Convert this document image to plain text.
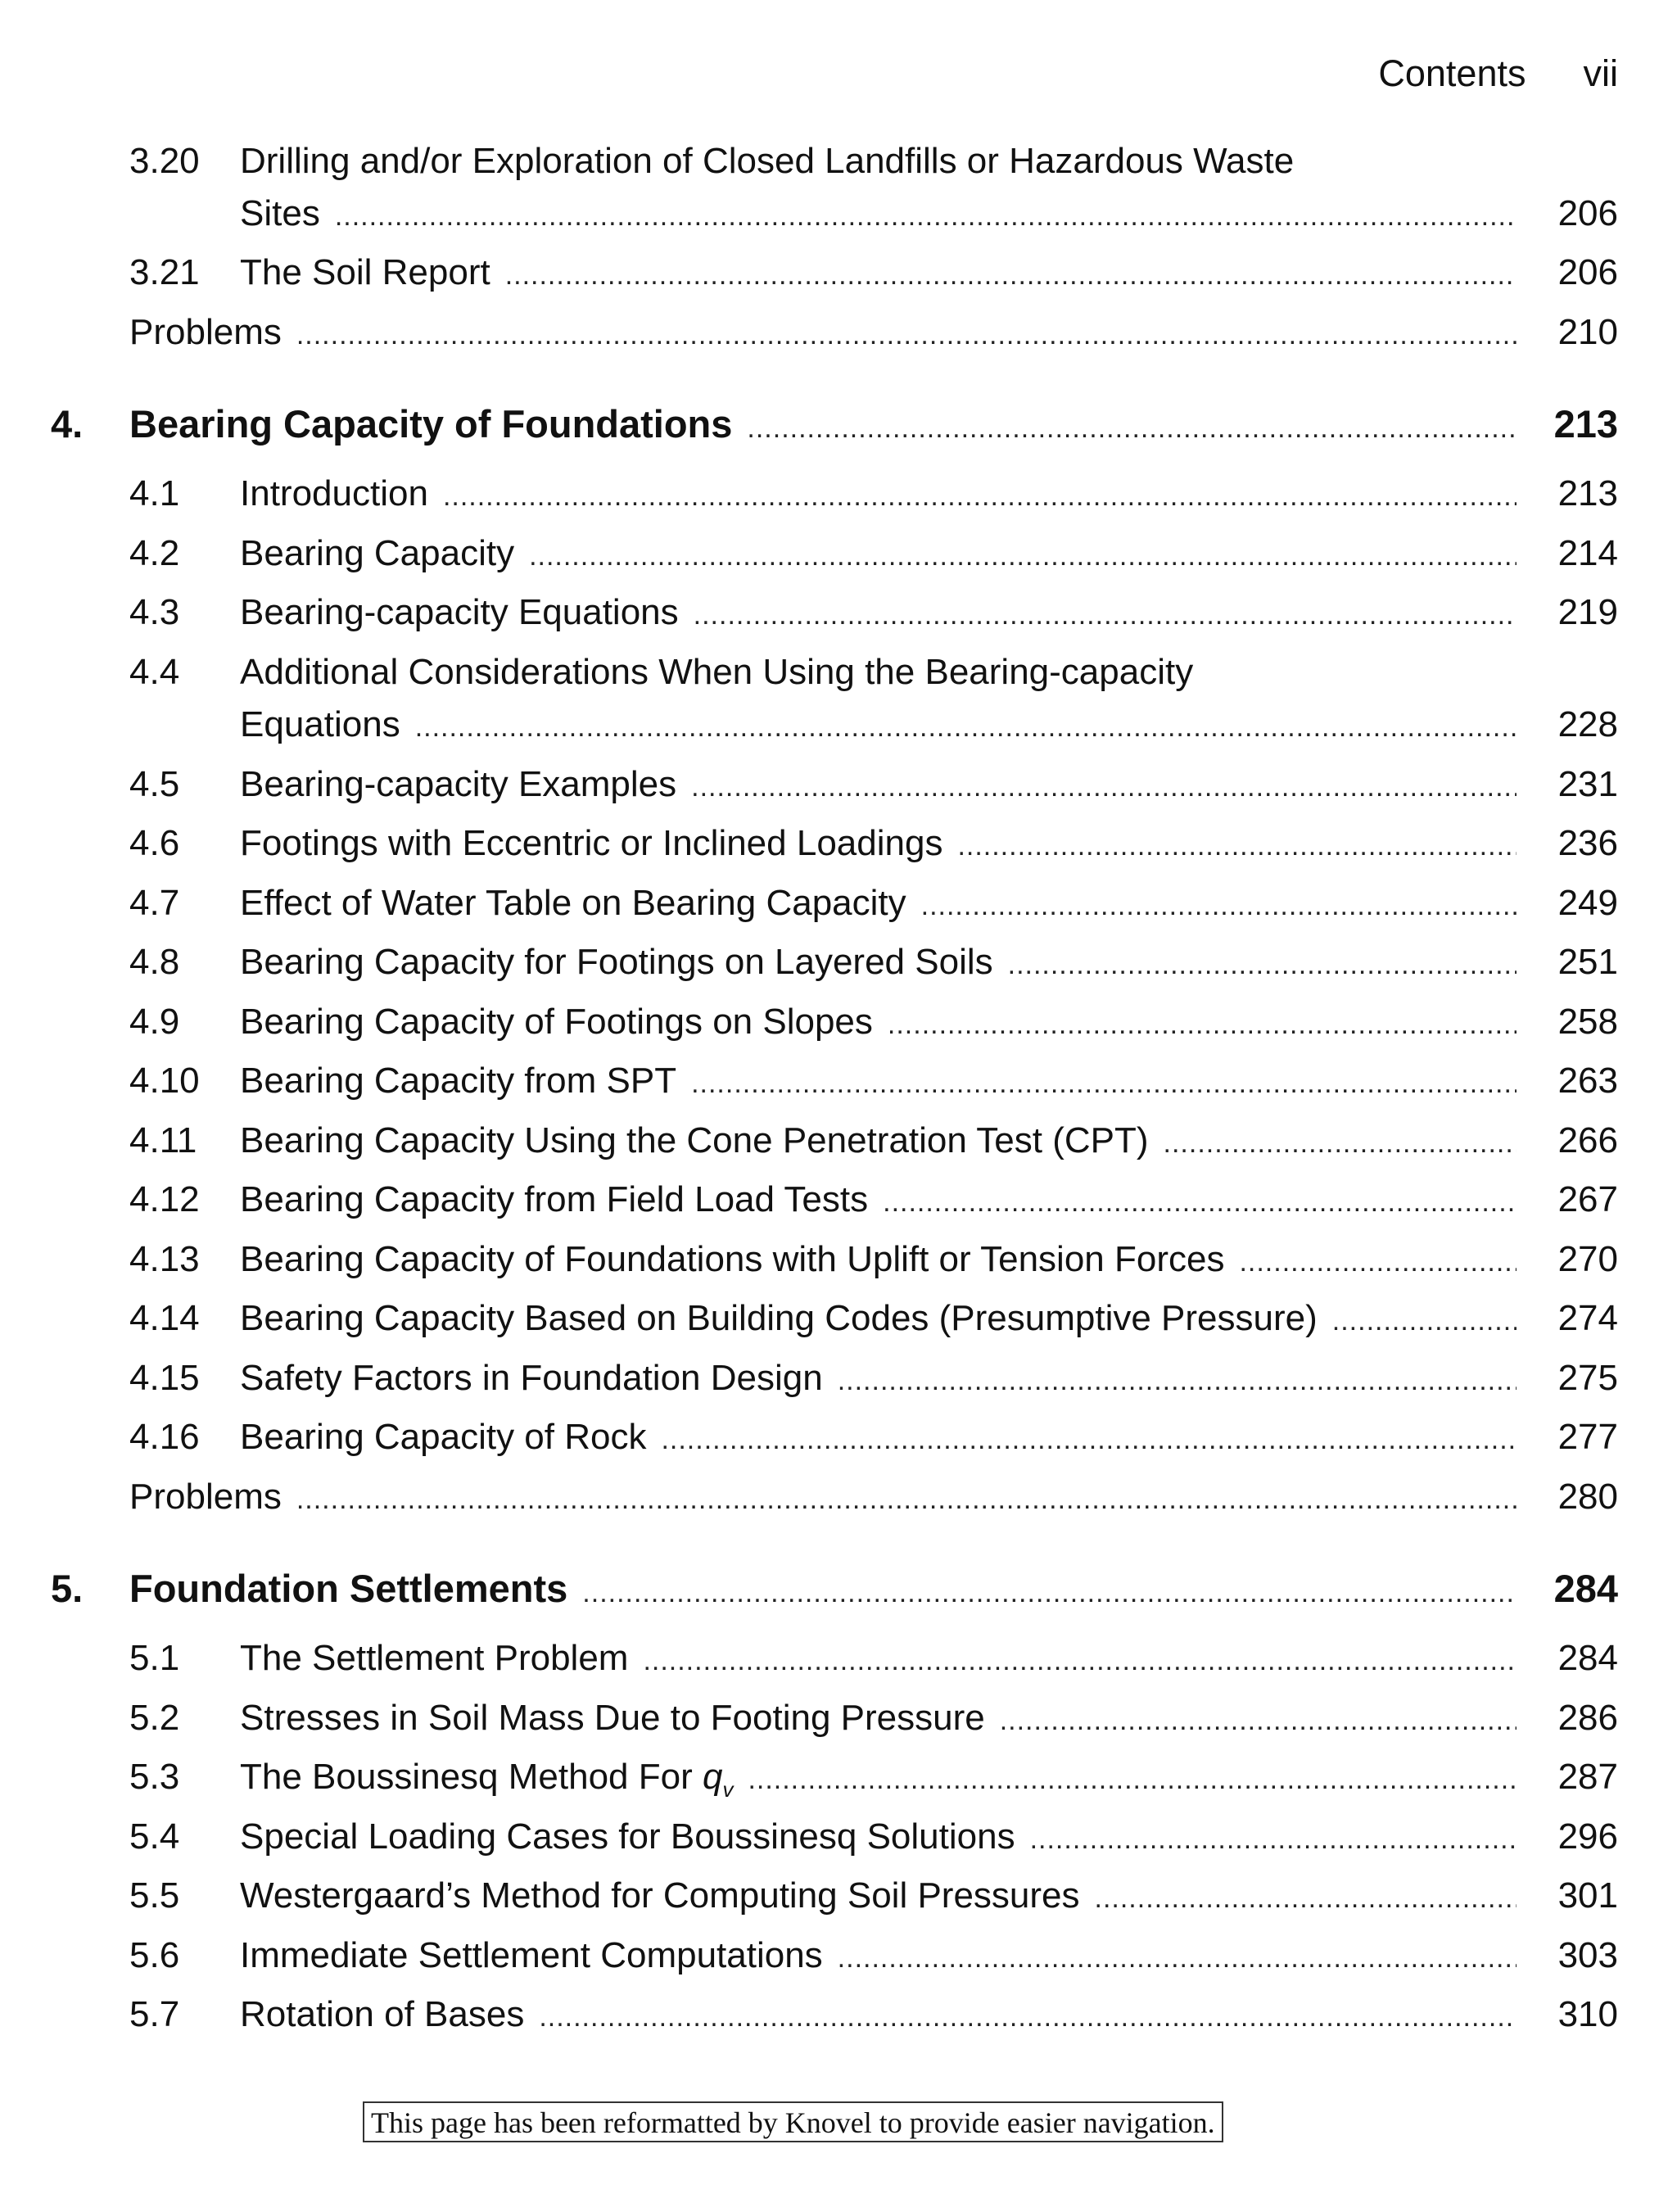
Contents vii
3.20 Drilling and/or Exploration of Closed Landfills or Hazardous Waste
Sites .....	206
3.21	The Soil Report .....	206
Problems .....	210
4.	Bearing Capacity of Foundations .....	213
4.1	Introduction .....	213
4.2	Bearing Capacity .....	214
4.3	Bearing-capacity Equations .....	219
4.4 Additional Considerations When Using the Bearing-capacity
Equations .....	228
4.5	Bearing-capacity Examples .....	231
4.6	Footings with Eccentric or Inclined Loadings .....	236
4.7	Effect of Water Table on Bearing Capacity .....	249
4.8	Bearing Capacity for Footings on Layered Soils .....	251
4.9	Bearing Capacity of Footings on Slopes .....	258
4.10	Bearing Capacity from SPT .....	263
4.11	Bearing Capacity Using the Cone Penetration Test (CPT) .....	266
4.12	Bearing Capacity from Field Load Tests .....	267
4.13	Bearing Capacity of Foundations with Uplift or Tension Forces .....	270
4.14	Bearing Capacity Based on Building Codes (Presumptive Pressure) .....	274
4.15	Safety Factors in Foundation Design .....	275
4.16	Bearing Capacity of Rock .....	277
Problems .....	280
5.	Foundation Settlements .....	284
5.1	The Settlement Problem .....	284
5.2	Stresses in Soil Mass Due to Footing Pressure .....	286
5.3	The Boussinesq Method For $q_v$ .....	287
5.4	Special Loading Cases for Boussinesq Solutions .....	296
5.5	Westergaard’s Method for Computing Soil Pressures .....	301
5.6	Immediate Settlement Computations .....	303
5.7	Rotation of Bases .....	310
This page has been reformatted by Knovel to provide easier navigation.
